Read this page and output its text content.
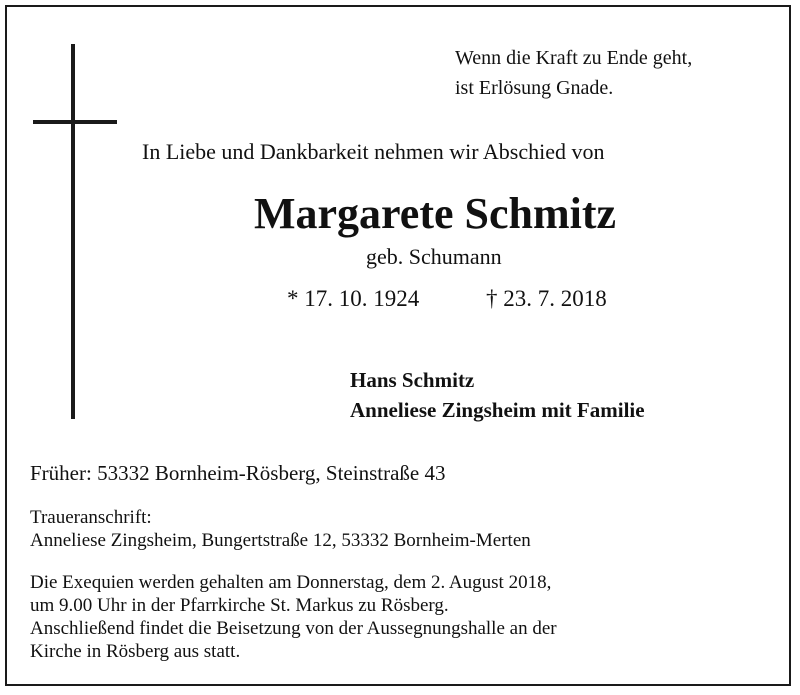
Wenn die Kraft zu Ende geht,
ist Erlösung Gnade.
In Liebe und Dankbarkeit nehmen wir Abschied von
Margarete Schmitz
geb. Schumann
* 17. 10. 1924	† 23. 7. 2018
Hans Schmitz
Anneliese Zingsheim mit Familie
Früher: 53332 Bornheim-Rösberg, Steinstraße 43
Traueranschrift:
Anneliese Zingsheim, Bungertstraße 12, 53332 Bornheim-Merten
Die Exequien werden gehalten am Donnerstag, dem 2. August 2018,
um 9.00 Uhr in der Pfarrkirche St. Markus zu Rösberg.
Anschließend findet die Beisetzung von der Aussegnungshalle an der
Kirche in Rösberg aus statt.
